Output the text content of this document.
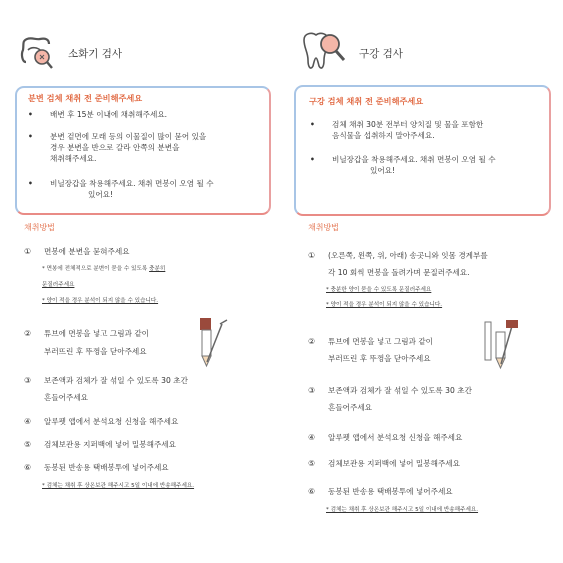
소화기 검사
분변 검체 채취 전 준비해주세요
• 배변 후 15분 이내에 채취해주세요.
• 분변 겉면에 모래 등의 이물질이 많이 묻어 있을
경우 분변을 반으로 갈라 안쪽의 분변을
채취해주세요.
• 비닐장갑을 착용해주세요. 채취 면봉이 오염 될 수
있어요!
채취방법
① 면봉에 분변을 묻혀주세요
* 면봉에 전체적으로 분변이 묻을 수 있도록 충분히
문질러주세요
* 양이 적을 경우 분석이 되지 않을 수 있습니다.
② 튜브에 면봉을 넣고 그림과 같이
부러뜨린 후 뚜껑을 닫아주세요
③ 보존액과 검체가 잘 섞일 수 있도록 30 초간
흔들어주세요
④ 알루펫 앱에서 분석요청 신청을 해주세요
⑤ 검체보관용 지퍼백에 넣어 밀봉해주세요
⑥ 동봉된 반송용 택배봉투에 넣어주세요
* 검체는 채취 후 상온보관 해주시고 5일 이내에 반송해주세요.
구강 검사
구강 검체 채취 전 준비해주세요
• 검체 채취 30분 전부터 양치질 및 물을 포함한
음식물을 섭취하지 말아주세요.
• 비닐장갑을 착용해주세요. 채취 면봉이 오염 될 수
있어요!
채취방법
① (오른쪽, 왼쪽, 위, 아래) 송곳니와 잇몸 경계부를
각 10 회씩 면봉을 돌려가며 문질러주세요.
* 충분한 양이 묻을 수 있도록 문질러주세요
* 양이 적을 경우 분석이 되지 않을 수 있습니다.
② 튜브에 면봉을 넣고 그림과 같이
부러뜨린 후 뚜껑을 닫아주세요
③ 보존액과 검체가 잘 섞일 수 있도록 30 초간
흔들어주세요
④ 알루펫 앱에서 분석요청 신청을 해주세요
⑤ 검체보관용 지퍼백에 넣어 밀봉해주세요
⑥ 동봉된 반송용 택배봉투에 넣어주세요
* 검체는 채취 후 상온보관 해주시고 5일 이내에 반송해주세요.
